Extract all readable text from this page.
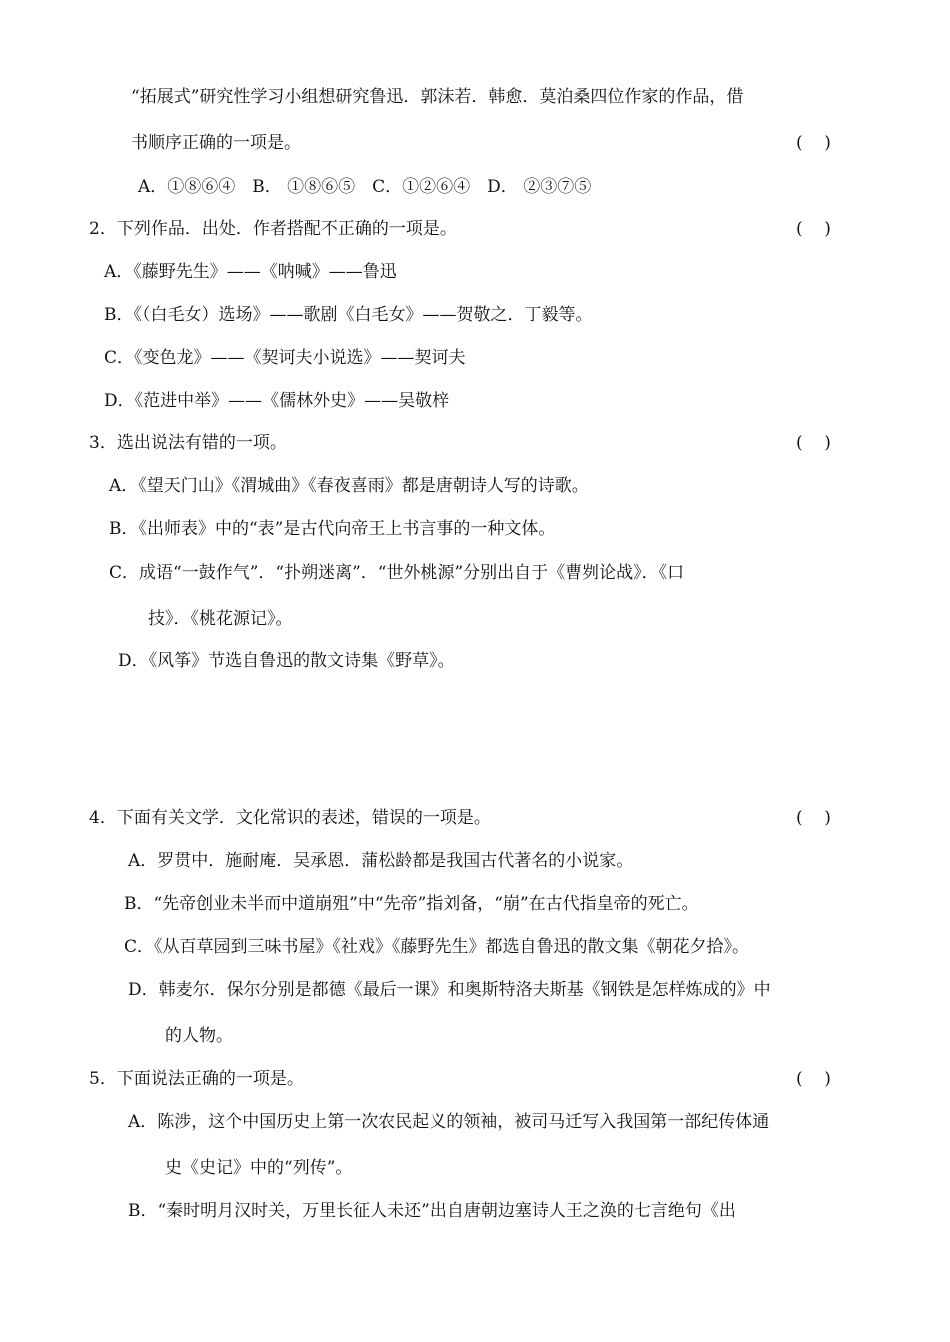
“拓展式”研究性学习小组想研究鲁迅．郭沫若．韩愈．莫泊桑四位作家的作品，借
书顺序正确的一项是。	(    )
A．①⑧⑥④　B． ①⑧⑥⑤　C．①②⑥④　D． ②③⑦⑤
2．下列作品．出处．作者搭配不正确的一项是。	(    )
A．《藤野先生》——《呐喊》——鲁迅
B．《（白毛女）选场》——歌剧《白毛女》——贺敬之．丁毅等。
C．《变色龙》——《契诃夫小说选》——契诃夫
D．《范进中举》——《儒林外史》——吴敬梓
3．选出说法有错的一项。	(    )
A．《望天门山》《渭城曲》《春夜喜雨》都是唐朝诗人写的诗歌。
B．《出师表》中的“表”是古代向帝王上书言事的一种文体。
C．成语“一鼓作气”．“扑朔迷离”．“世外桃源”分别出自于《曹刿论战》．《口
技》．《桃花源记》。
D．《风筝》节选自鲁迅的散文诗集《野草》。
4．下面有关文学．文化常识的表述，错误的一项是。	(    )
A．罗贯中．施耐庵．吴承恩．蒲松龄都是我国古代著名的小说家。
B．“先帝创业未半而中道崩殂”中“先帝”指刘备，“崩”在古代指皇帝的死亡。
C．《从百草园到三味书屋》《社戏》《藤野先生》都选自鲁迅的散文集《朝花夕拾》。
D．韩麦尔．保尔分别是都德《最后一课》和奥斯特洛夫斯基《钢铁是怎样炼成的》中
的人物。
5．下面说法正确的一项是。	(    )
A．陈涉，这个中国历史上第一次农民起义的领袖，被司马迁写入我国第一部纪传体通
史《史记》中的“列传”。
B．“秦时明月汉时关，万里长征人未还”出自唐朝边塞诗人王之涣的七言绝句《出
